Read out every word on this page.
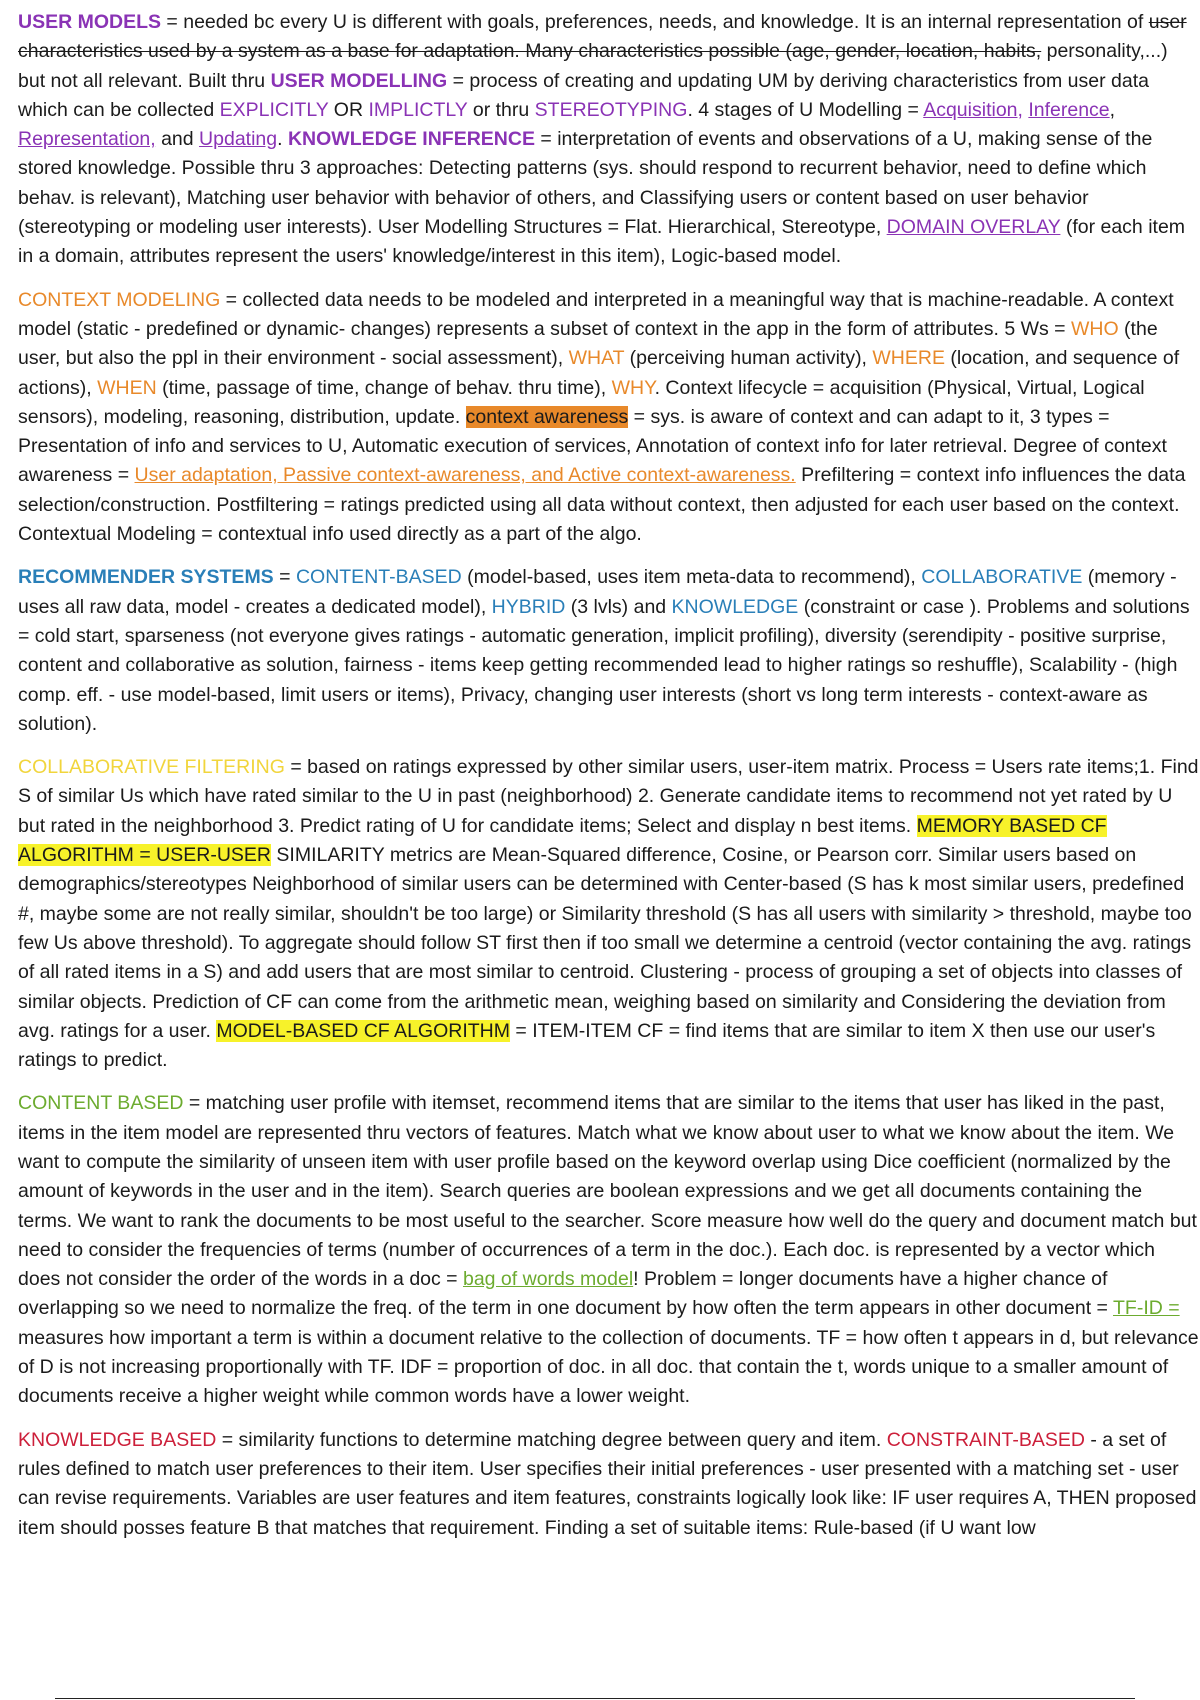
USER MODELS = needed bc every U is different with goals, preferences, needs, and knowledge. It is an internal representation of user characteristics used by a system as a base for adaptation. Many characteristics possible (age, gender, location, habits, personality,...) but not all relevant. Built thru USER MODELLING = process of creating and updating UM by deriving characteristics from user data which can be collected EXPLICITLY OR IMPLICTLY or thru STEREOTYPING. 4 stages of U Modelling = Acquisition, Inference, Representation, and Updating. KNOWLEDGE INFERENCE = interpretation of events and observations of a U, making sense of the stored knowledge. Possible thru 3 approaches: Detecting patterns (sys. should respond to recurrent behavior, need to define which behav. is relevant), Matching user behavior with behavior of others, and Classifying users or content based on user behavior (stereotyping or modeling user interests). User Modelling Structures = Flat. Hierarchical, Stereotype, DOMAIN OVERLAY (for each item in a domain, attributes represent the users' knowledge/interest in this item), Logic-based model.

CONTEXT MODELING = collected data needs to be modeled and interpreted in a meaningful way that is machine-readable. A context model (static - predefined or dynamic- changes) represents a subset of context in the app in the form of attributes. 5 Ws = WHO (the user, but also the ppl in their environment - social assessment), WHAT (perceiving human activity), WHERE (location, and sequence of actions), WHEN (time, passage of time, change of behav. thru time), WHY. Context lifecycle = acquisition (Physical, Virtual, Logical sensors), modeling, reasoning, distribution, update. context awareness = sys. is aware of context and can adapt to it, 3 types = Presentation of info and services to U, Automatic execution of services, Annotation of context info for later retrieval. Degree of context awareness = User adaptation, Passive context-awareness, and Active context-awareness. Prefiltering = context info influences the data selection/construction. Postfiltering = ratings predicted using all data without context, then adjusted for each user based on the context. Contextual Modeling = contextual info used directly as a part of the algo.

RECOMMENDER SYSTEMS = CONTENT-BASED (model-based, uses item meta-data to recommend), COLLABORATIVE (memory - uses all raw data, model - creates a dedicated model), HYBRID (3 lvls) and KNOWLEDGE (constraint or case ). Problems and solutions = cold start, sparseness (not everyone gives ratings - automatic generation, implicit profiling), diversity (serendipity - positive surprise, content and collaborative as solution, fairness - items keep getting recommended lead to higher ratings so reshuffle), Scalability - (high comp. eff. - use model-based, limit users or items), Privacy, changing user interests (short vs long term interests - context-aware as solution).

COLLABORATIVE FILTERING = based on ratings expressed by other similar users, user-item matrix. Process = Users rate items;1. Find S of similar Us which have rated similar to the U in past (neighborhood) 2. Generate candidate items to recommend not yet rated by U but rated in the neighborhood 3. Predict rating of U for candidate items; Select and display n best items. MEMORY BASED CF ALGORITHM = USER-USER SIMILARITY metrics are Mean-Squared difference, Cosine, or Pearson corr. Similar users based on demographics/stereotypes Neighborhood of similar users can be determined with Center-based (S has k most similar users, predefined #, maybe some are not really similar, shouldn't be too large) or Similarity threshold (S has all users with similarity > threshold, maybe too few Us above threshold). To aggregate should follow ST first then if too small we determine a centroid (vector containing the avg. ratings of all rated items in a S) and add users that are most similar to centroid. Clustering - process of grouping a set of objects into classes of similar objects. Prediction of CF can come from the arithmetic mean, weighing based on similarity and Considering the deviation from avg. ratings for a user. MODEL-BASED CF ALGORITHM = ITEM-ITEM CF = find items that are similar to item X then use our user's ratings to predict.

CONTENT BASED = matching user profile with itemset, recommend items that are similar to the items that user has liked in the past, items in the item model are represented thru vectors of features. Match what we know about user to what we know about the item. We want to compute the similarity of unseen item with user profile based on the keyword overlap using Dice coefficient (normalized by the amount of keywords in the user and in the item). Search queries are boolean expressions and we get all documents containing the terms. We want to rank the documents to be most useful to the searcher. Score measure how well do the query and document match but need to consider the frequencies of terms (number of occurrences of a term in the doc.). Each doc. is represented by a vector which does not consider the order of the words in a doc = bag of words model! Problem = longer documents have a higher chance of overlapping so we need to normalize the freq. of the term in one document by how often the term appears in other document = TF-ID = measures how important a term is within a document relative to the collection of documents. TF = how often t appears in d, but relevance of D is not increasing proportionally with TF. IDF = proportion of doc. in all doc. that contain the t, words unique to a smaller amount of documents receive a higher weight while common words have a lower weight.

KNOWLEDGE BASED = similarity functions to determine matching degree between query and item. CONSTRAINT-BASED - a set of rules defined to match user preferences to their item. User specifies their initial preferences - user presented with a matching set - user can revise requirements. Variables are user features and item features, constraints logically look like: IF user requires A, THEN proposed item should posses feature B that matches that requirement. Finding a set of suitable items: Rule-based (if U want low
